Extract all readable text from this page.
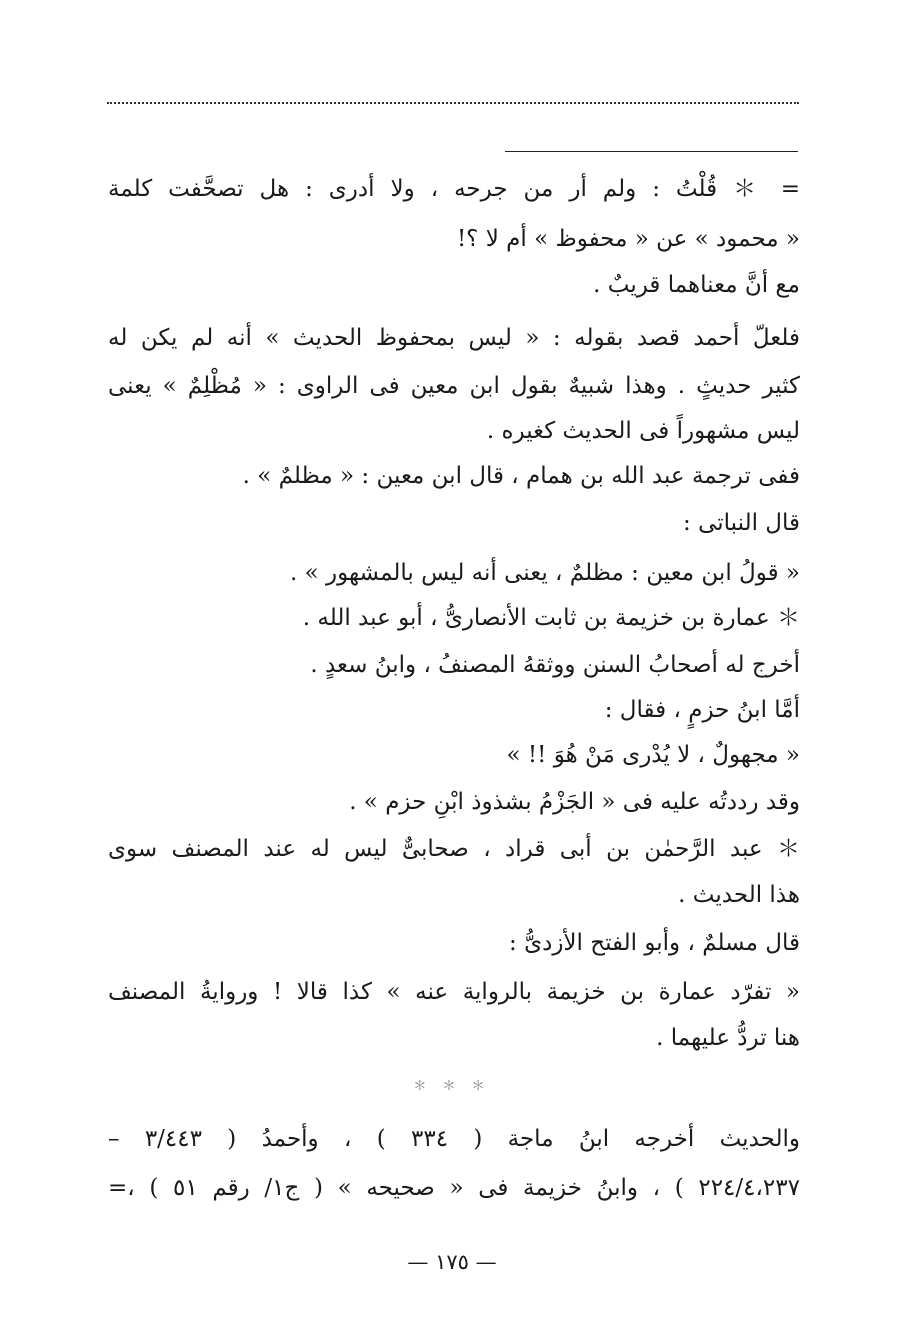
= ＊ قُلْتُ : ولم أر من جرحه ، ولا أدرى : هل تصحَّفت كلمة
« محمود » عن « محفوظ » أم لا ؟!
مع أنَّ معناهما قريبٌ .
فلعلّ أحمد قصد بقوله : « ليس بمحفوظ الحديث » أنه لم يكن له
كثير حديثٍ . وهذا شبيهٌ بقول ابن معين فى الراوى : « مُظْلِمٌ » يعنى
ليس مشهوراً فى الحديث كغيره .
ففى ترجمة عبد الله بن همام ، قال ابن معين : « مظلمٌ » .
قال النباتى :
« قولُ ابن معين : مظلمٌ ، يعنى أنه ليس بالمشهور » .
＊ عمارة بن خزيمة بن ثابت الأنصارىُّ ، أبو عبد الله .
أخرج له أصحابُ السنن ووثقهُ المصنفُ ، وابنُ سعدٍ .
أمَّا ابنُ حزمٍ ، فقال :
« مجهولٌ ، لا يُدْرى مَنْ هُوَ !! »
وقد رددتُه عليه فى « الجَزْمُ بشذوذ ابْنِ حزم » .
＊ عبد الرَّحمٰن بن أبى قراد ، صحابىٌّ ليس له عند المصنف سوى
هذا الحديث .
قال مسلمٌ ، وأبو الفتح الأزدىُّ :
« تفرّد عمارة بن خزيمة بالرواية عنه » كذا قالا ! وروايةُ المصنف
هنا تردُّ عليهما .
＊ ＊ ＊
والحديث أخرجه ابنُ ماجة ( ٣٣٤ ) ، وأحمدُ ( ٣/٤٤٣ –
٢٢٤/٤،٢٣٧ ) ، وابنُ خزيمة فى « صحيحه » ( ج١/ رقم ٥١ ) ،=
— ١٧٥ —
